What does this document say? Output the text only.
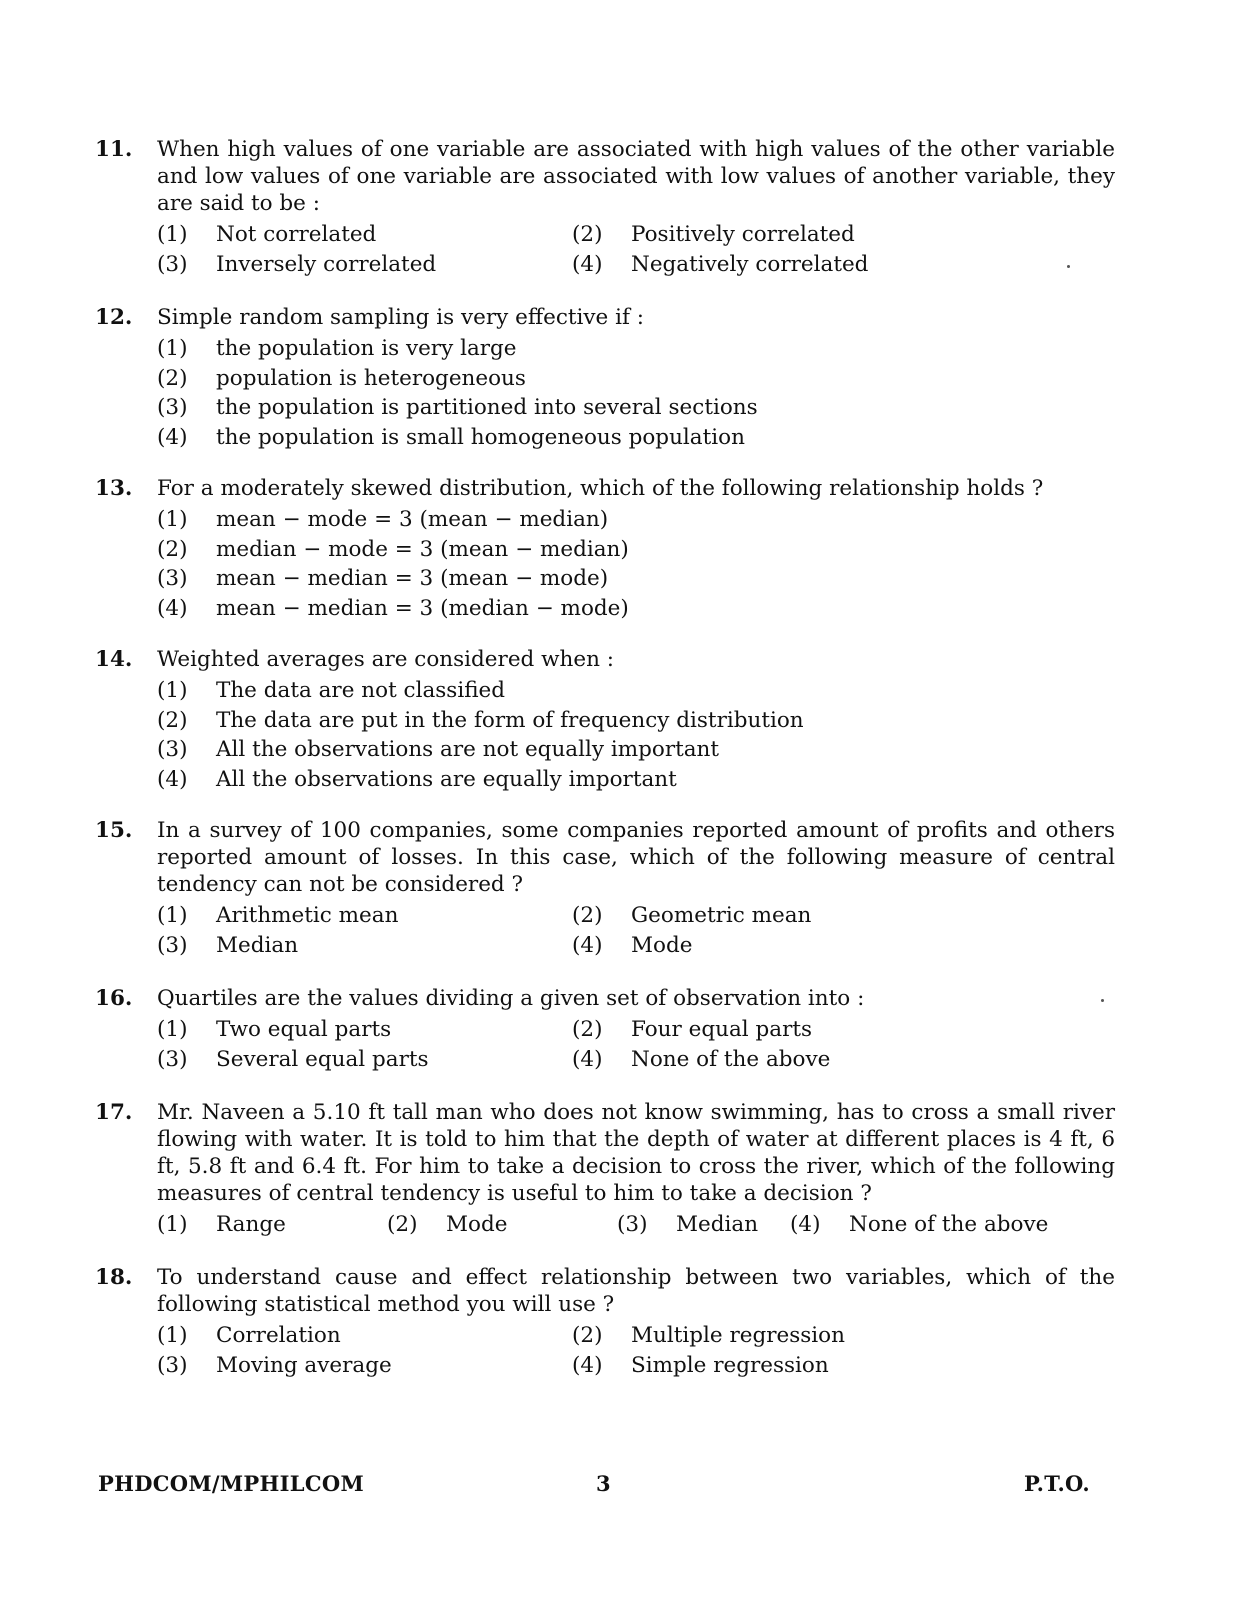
11. When high values of one variable are associated with high values of the other variable and low values of one variable are associated with low values of another variable, they are said to be :
(1)	Not correlated	(2)	Positively correlated
(3)	Inversely correlated	(4)	Negatively correlated
12. Simple random sampling is very effective if :
(1)	the population is very large
(2)	population is heterogeneous
(3)	the population is partitioned into several sections
(4)	the population is small homogeneous population
13. For a moderately skewed distribution, which of the following relationship holds ?
(1)	mean − mode = 3 (mean − median)
(2)	median − mode = 3 (mean − median)
(3)	mean − median = 3 (mean − mode)
(4)	mean − median = 3 (median − mode)
14. Weighted averages are considered when :
(1)	The data are not classified
(2)	The data are put in the form of frequency distribution
(3)	All the observations are not equally important
(4)	All the observations are equally important
15. In a survey of 100 companies, some companies reported amount of profits and others reported amount of losses. In this case, which of the following measure of central tendency can not be considered ?
(1)	Arithmetic mean	(2)	Geometric mean
(3)	Median	(4)	Mode
16. Quartiles are the values dividing a given set of observation into :
(1)	Two equal parts	(2)	Four equal parts
(3)	Several equal parts	(4)	None of the above
17. Mr. Naveen a 5.10 ft tall man who does not know swimming, has to cross a small river flowing with water. It is told to him that the depth of water at different places is 4 ft, 6 ft, 5.8 ft and 6.4 ft. For him to take a decision to cross the river, which of the following measures of central tendency is useful to him to take a decision ?
(1)	Range	(2)	Mode	(3)	Median (4)	None of the above
18. To understand cause and effect relationship between two variables, which of the following statistical method you will use ?
(1)	Correlation	(2)	Multiple regression
(3)	Moving average	(4)	Simple regression
PHDCOM/MPHILCOM	3	P.T.O.
